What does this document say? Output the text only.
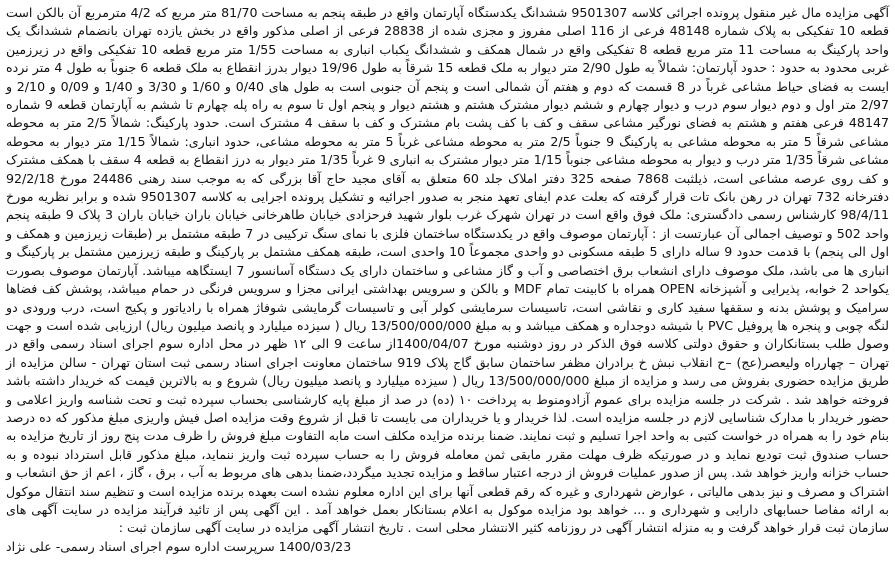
آگهی مزایده مال غیر منقول پرونده اجرائی کلاسه 9501307 ششدانگ یکدستگاه آپارتمان واقع در طبقه پنجم به مساحت 81/70 متر مربع که 4/2 مترمربع آن بالکن است قطعه 10 تفکیکی به پلاک شماره 48148 فرعی از 116 اصلی مفروز و مجزی شده از 28838 فرعی از اصلی مذکور واقع در بخش یازده تهران بانضمام ششدانگ یک واحد پارکینگ به مساحت 11 متر مربع قطعه 8 تفکیکی واقع در شمال همکف و ششدانگ یکباب انباری به مساحت 1/55 متر مربع قطعه 10 تفکیکی واقع در زیرزمین غربی محدود به حدود : حدود آپارتمان: شمالاً به طول 2/90 متر دیوار به ملک قطعه 15 شرقاً به طول 19/96 دیوار بدرز انقطاع به ملک قطعه 6 جنوباً به طول 4 متر نرده ایست به فضای حیاط مشاعی غرباً در 8 قسمت که دوم و هفتم آن شمالی است و پنجم آن جنوبی است به طول های 0/40 و 1/60 و 3/30 و 1/40 و 0/09 و 2/10 و 2/97 متر اول و دوم دیوار سوم درب و دیوار چهارم و ششم دیوار مشترک هشتم و هشتم دیوار و پنجم اول تا سوم به راه پله چهارم تا ششم به آپارتمان قطعه 9 شماره 48147 فرعی هفتم و هشتم به فضای نورگیر مشاعی سقف و کف با کف پشت بام مشترک و کف با سقف 4 مشترک است. حدود پارکینگ: شمالاً 2/5 متر به محوطه مشاعی شرقاً 5 متر به محوطه مشاعی به پارکینگ 9 جنوباً 2/5 متر به محوطه مشاعی غرباً 5 متر به محوطه مشاعی، حدود انباری: شمالاً 1/15 متر دیوار به محوطه مشاعی شرقاً 1/35 متر درب و دیوار به محوطه مشاعی جنوباً 1/15 متر دیوار مشترک به انباری 9 غرباً 1/35 متر دیوار به درز انقطاع به قطعه 4 سقف با همکف مشترک و کف روی عرصه مشاعی است، ذیلثبت 7868 صفحه 325 دفتر املاک جلد 60 متعلق به آقای مجید حاج آقا بزرگی که به موجب سند رهنی 24486 مورخ 92/2/18 دفترخانه 732 تهران در رهن بانک تات قرار گرفته که بعلت عدم ایفای تعهد منجر به صدور اجرائیه و تشکیل پرونده اجرایی به کلاسه 9501307 شده و برابر نظریه مورخ 98/4/11 کارشناس رسمی دادگستری: ملک فوق واقع است در تهران شهرک غرب بلوار شهید فرحزادی خیابان طاهرخانی خیابان باران خیابان باران 3 پلاک 9 طبقه پنجم واحد 502 و توصیف اجمالی آن عبارتست از : آپارتمان موصوف واقع در یکدستگاه ساختمان فلزی با نمای سنگ ترکیبی در 7 طبقه مشتمل بر (طبقات زیرزمین و همکف و اول الی پنجم) با قدمت حدود 9 ساله دارای 5 طبقه مسکونی دو واحدی مجموعاً 10 واحدی است، طبقه همکف مشتمل بر پارکینگ و طبقه زیرزمین مشتمل بر پارکینگ و انباری ها می باشد، ملک موصوف دارای انشعاب برق اختصاصی و آب و گاز مشاعی و ساختمان دارای یک دستگاه آسانسور 7 ایستگاهه میباشد. آپارتمان موصوف بصورت یکواحد 2 خوابه، پذیرایی و آشپزخانه OPEN همراه با کابینت تمام MDF و بالکن و سرویس بهداشتی ایرانی مجزا و سرویس فرنگی در حمام میباشد، پوشش کف فضاها سرامیک و پوشش بدنه و سقفها سفید کاری و نقاشی است، تاسیسات سرمایشی کولر آبی و تاسیسات گرمایشی شوفاژ همراه با رادیاتور و پکیج است، درب ورودی دو لنگه چوبی و پنجره ها پروفیل PVC با شیشه دوجداره و همکف میباشد و به مبلغ 13/500/000/000 ریال ( سیزده میلیارد و پانصد میلیون ریال) ارزیابی شده است و جهت وصول طلب بستانکاران و حقوق دولتی کلاسه فوق الذکر در روز دوشنبه مورخ 1400/04/07از ساعت 9 الی ۱۲ ظهر در محل اداره سوم اجرای اسناد رسمی واقع در تهران – چهارراه ولیعصر(عج) –ح انقلاب نبش خ برادران مظفر ساختمان سابق گاج پلاک 919 ساختمان معاونت اجرای اسناد رسمی ثبت استان تهران - سالن مزایده از طریق مزایده حضوری بفروش می رسد و مزایده از مبلغ 13/500/000/000 ریال ( سیزده میلیارد و پانصد میلیون ریال) شروع و به بالاترین قیمت که خریدار داشته باشد فروخته خواهد شد . شرکت در جلسه مزایده برای عموم آزادومنوط به پرداخت ۱۰ (ده) در صد از مبلغ پایه کارشناسی بحساب سپرده ثبت و تحت شناسه واریز اعلامی و حضور خریدار با مدارک شناسایی لازم در جلسه مزایده است. لذا خریدار و یا خریداران می بایست تا قبل از شروع وقت مزایده اصل فیش واریزی مبلغ مذکور که ده درصد بنام خود را به همراه در خواست کتبی به واحد اجرا تسلیم و ثبت نمایند. ضمنا برنده مزایده مکلف است مابه التفاوت مبلغ فروش را ظرف مدت پنج روز از تاریخ مزایده به حساب صندوق ثبت تودیع نماید و در صورتیکه ظرف مهلت مقرر مابقی ثمن معامله فروش را به حساب سپرده ثبت واریز ننماید، مبلغ مذکور قابل استرداد نبوده و به حساب خزانه واریز خواهد شد. پس از صدور عملیات فروش از درجه اعتبار ساقط و مزایده تجدید میگردد،ضمنا بدهی های مربوط به آب ، برق ، گاز ، اعم از حق انشعاب و اشتراک و مصرف و نیز بدهی مالیاتی ، عوارض شهرداری و غیره که رقم قطعی آنها برای این اداره معلوم نشده است بعهده برنده مزایده است و تنظیم سند انتقال موکول به ارائه مفاصا حسابهای دارایی و شهرداری و ... خواهد بود مزایده موکول به اعلام بستانکار بعمل خواهد آمد . این آگهی پس از تائید فرآیند مزایده در سایت آگهی های سازمان ثبت قرار خواهد گرفت و به منزله انتشار آگهی در روزنامه کثیر الانتشار محلی است . تاریخ انتشار آگهی مزایده در سایت آگهی سازمان ثبت :

1400/03/23 سرپرست اداره سوم اجرای اسناد رسمی- علی نژاد
